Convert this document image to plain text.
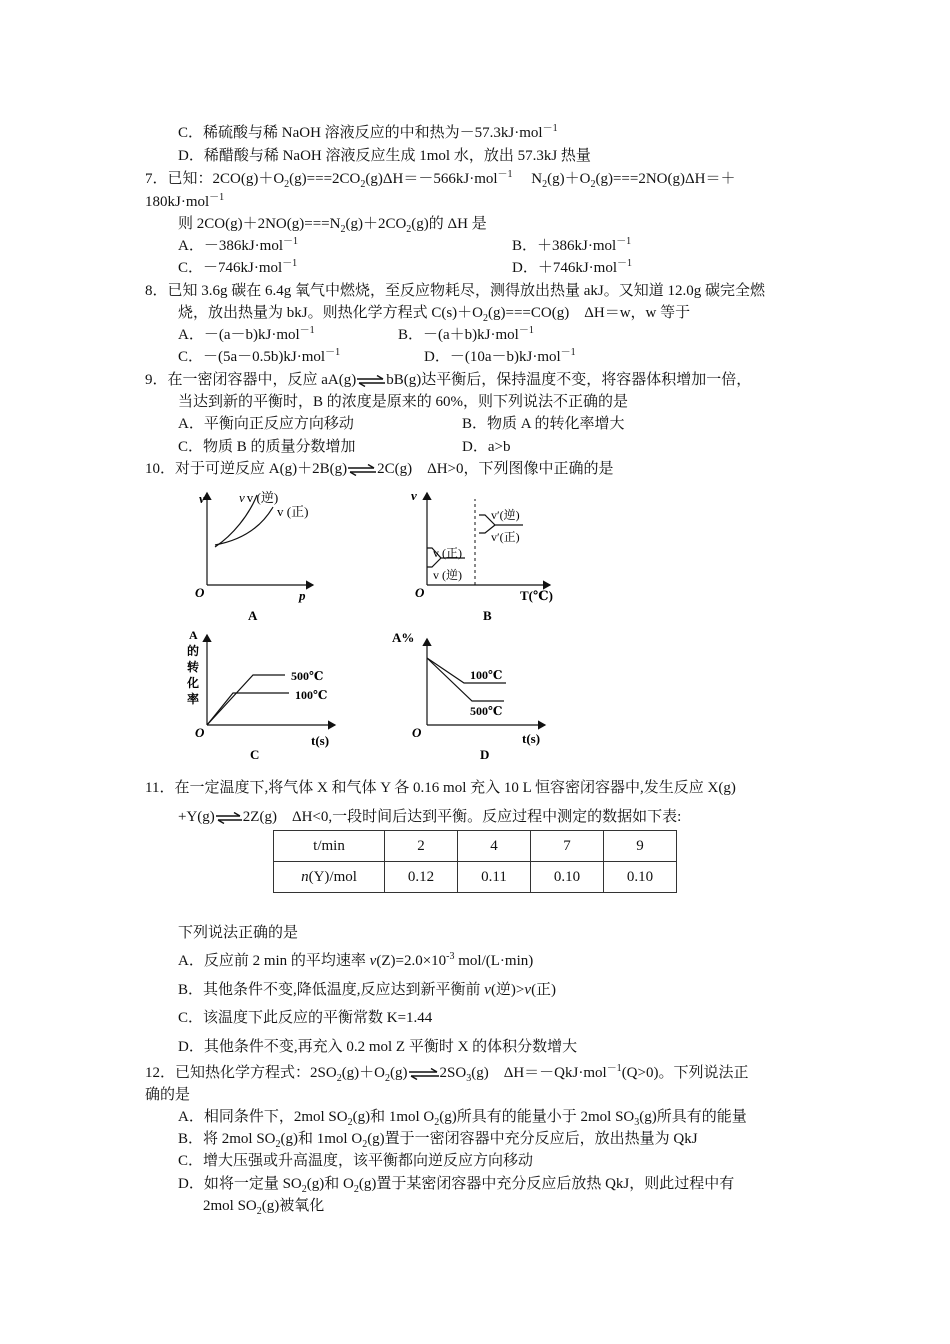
C．稀硫酸与稀 NaOH 溶液反应的中和热为－57.3kJ·mol$^{-1}$
D．稀醋酸与稀 NaOH 溶液反应生成 1mol 水，放出 57.3kJ 热量
7．已知：$2CO(g)+O_2(g)===2CO_2(g)\Delta H=-566kJ\cdot mol^{-1}$　 $N_2(g)+O_2(g)===2NO(g)\Delta H=+$
180kJ·mol$^{-1}$
则 $2CO(g)+2NO(g)===N_2(g)+2CO_2(g)$的 ΔH 是
A．－386kJ·mol$^{-1}$	B．＋386kJ·mol$^{-1}$
C．－746kJ·mol$^{-1}$	D．＋746kJ·mol$^{-1}$
8．已知 3.6g 碳在 6.4g 氧气中燃烧，至反应物耗尽，测得放出热量 akJ。又知道 12.0g 碳完全燃
烧，放出热量为 bkJ。则热化学方程式 $C(s)+O_2(g)===CO(g)$　ΔH＝w，w 等于
A．－(a－b)kJ·mol$^{-1}$	B．－(a＋b)kJ·mol$^{-1}$
C．－(5a－0.5b)kJ·mol$^{-1}$	D．－(10a－b)kJ·mol$^{-1}$
9．在一密闭容器中，反应 aA(g)⇌bB(g)达平衡后，保持温度不变，将容器体积增加一倍，
当达到新的平衡时，B 的浓度是原来的 60%，则下列说法不正确的是
A．平衡向正反应方向移动	B．物质 A 的转化率增大
C．物质 B 的质量分数增加	D．a>b
10．对于可逆反应 A(g)＋2B(g)⇌2C(g)　ΔH>0，下列图像中正确的是
v
p
O
v v (逆)
v (正)
A
v
T(℃)
O
v (正)
v (逆)
v′(逆)
v′(正)
B
A
的
转
化
率
t(s)
O
500℃
100℃
C
A%
t(s)
O
100℃
500℃
D
11．在一定温度下,将气体 X 和气体 Y 各 0.16 mol 充入 10 L 恒容密闭容器中,发生反应 X(g)
+Y(g)⇌2Z(g)　ΔH<0,一段时间后达到平衡。反应过程中测定的数据如下表:
t/min	2	4	7	9
n(Y)/mol	0.12	0.11	0.10	0.10
下列说法正确的是
A．反应前 2 min 的平均速率 $v(Z)=2.0\times 10^{-3}$ mol/(L·min)
B．其他条件不变,降低温度,反应达到新平衡前 v(逆)>v(正)
C．该温度下此反应的平衡常数 K=1.44
D．其他条件不变,再充入 0.2 mol Z 平衡时 X 的体积分数增大
12．已知热化学方程式：$2SO_2(g)+O_2(g)\rightleftharpoons 2SO_3(g)$　ΔH＝－QkJ·mol$^{-1}$(Q>0)。下列说法正
确的是
A．相同条件下，2mol $SO_2(g)$和 1mol $O_2(g)$所具有的能量小于 2mol $SO_3(g)$所具有的能量
B．将 2mol $SO_2(g)$和 1mol $O_2(g)$置于一密闭容器中充分反应后，放出热量为 QkJ
C．增大压强或升高温度，该平衡都向逆反应方向移动
D．如将一定量 $SO_2(g)$和 $O_2(g)$置于某密闭容器中充分反应后放热 QkJ，则此过程中有
2mol $SO_2(g)$被氧化
